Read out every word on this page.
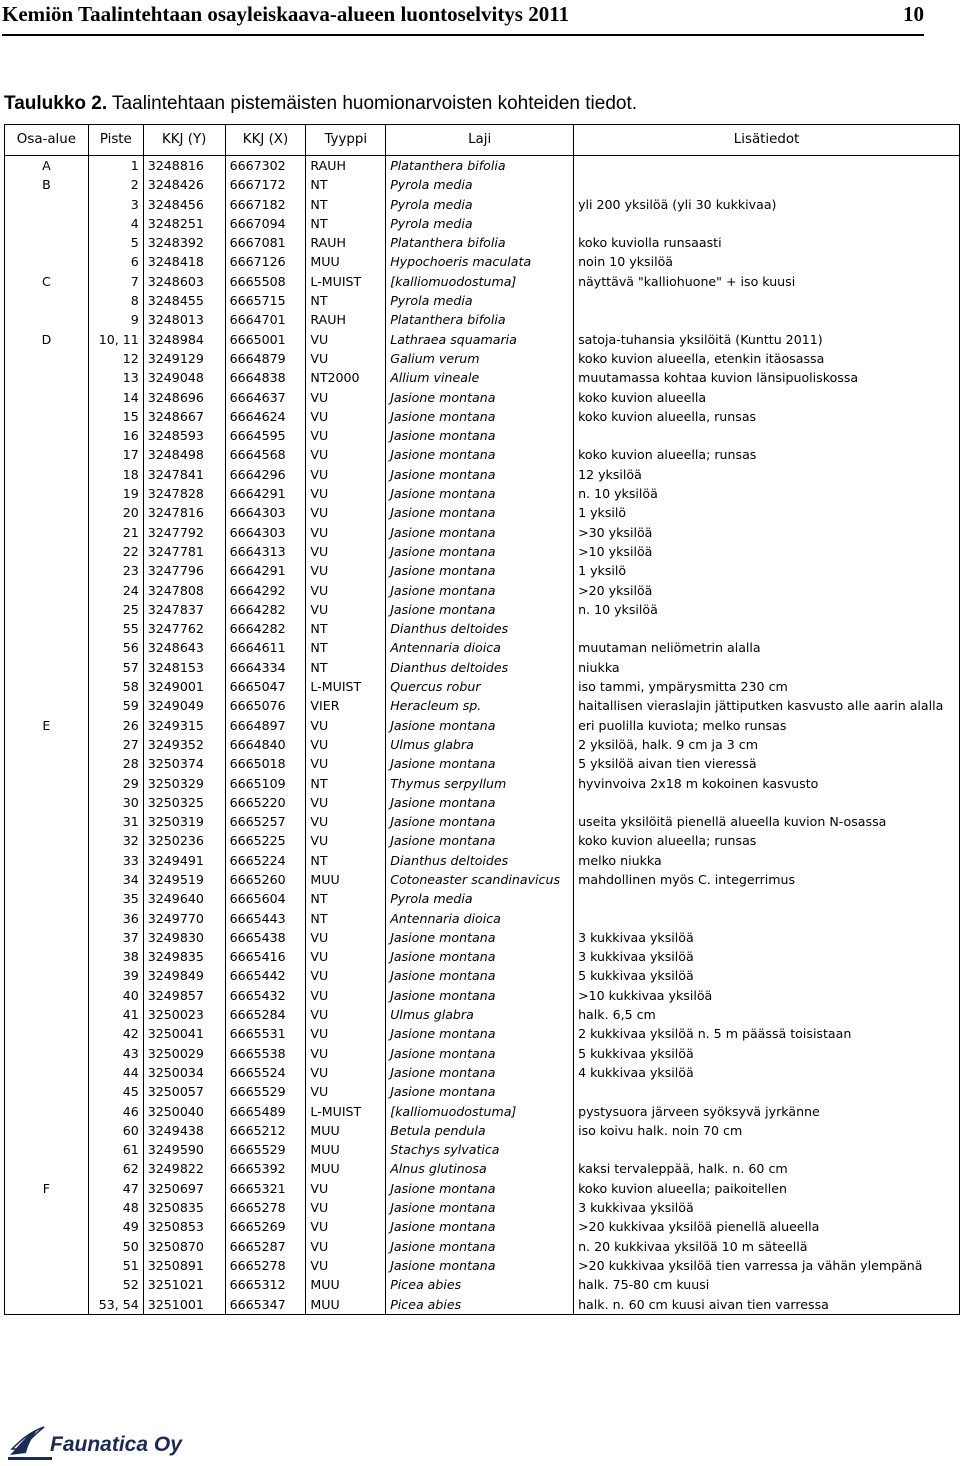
Kemiön Taalintehtaan osayleiskaava-alueen luontoselvitys 2011	10
Taulukko 2. Taalintehtaan pistemäisten huomionarvoisten kohteiden tiedot.
Osa-alue	Piste	KKJ (Y)	KKJ (X)	Tyyppi	Laji	Lisätiedot
A	1	3248816	6667302	RAUH	Platanthera bifolia	
B	2	3248426	6667172	NT	Pyrola media	
	3	3248456	6667182	NT	Pyrola media	yli 200 yksilöä (yli 30 kukkivaa)
	4	3248251	6667094	NT	Pyrola media	
	5	3248392	6667081	RAUH	Platanthera bifolia	koko kuviolla runsaasti
	6	3248418	6667126	MUU	Hypochoeris maculata	noin 10 yksilöä
C	7	3248603	6665508	L-MUIST	[kalliomuodostuma]	näyttävä "kalliohuone" + iso kuusi
	8	3248455	6665715	NT	Pyrola media	
	9	3248013	6664701	RAUH	Platanthera bifolia	
D	10, 11	3248984	6665001	VU	Lathraea squamaria	satoja-tuhansia yksilöitä (Kunttu 2011)
	12	3249129	6664879	VU	Galium verum	koko kuvion alueella, etenkin itäosassa
	13	3249048	6664838	NT2000	Allium vineale	muutamassa kohtaa kuvion länsipuoliskossa
	14	3248696	6664637	VU	Jasione montana	koko kuvion alueella
	15	3248667	6664624	VU	Jasione montana	koko kuvion alueella, runsas
	16	3248593	6664595	VU	Jasione montana	
	17	3248498	6664568	VU	Jasione montana	koko kuvion alueella; runsas
	18	3247841	6664296	VU	Jasione montana	12 yksilöä
	19	3247828	6664291	VU	Jasione montana	n. 10 yksilöä
	20	3247816	6664303	VU	Jasione montana	1 yksilö
	21	3247792	6664303	VU	Jasione montana	>30 yksilöä
	22	3247781	6664313	VU	Jasione montana	>10 yksilöä
	23	3247796	6664291	VU	Jasione montana	1 yksilö
	24	3247808	6664292	VU	Jasione montana	>20 yksilöä
	25	3247837	6664282	VU	Jasione montana	n. 10 yksilöä
	55	3247762	6664282	NT	Dianthus deltoides	
	56	3248643	6664611	NT	Antennaria dioica	muutaman neliömetrin alalla
	57	3248153	6664334	NT	Dianthus deltoides	niukka
	58	3249001	6665047	L-MUIST	Quercus robur	iso tammi, ympärysmitta 230 cm
	59	3249049	6665076	VIER	Heracleum sp.	haitallisen vieraslajin jättiputken kasvusto alle aarin alalla
E	26	3249315	6664897	VU	Jasione montana	eri puolilla kuviota; melko runsas
	27	3249352	6664840	VU	Ulmus glabra	2 yksilöä, halk. 9 cm ja 3 cm
	28	3250374	6665018	VU	Jasione montana	5 yksilöä aivan tien vieressä
	29	3250329	6665109	NT	Thymus serpyllum	hyvinvoiva 2x18 m kokoinen kasvusto
	30	3250325	6665220	VU	Jasione montana	
	31	3250319	6665257	VU	Jasione montana	useita yksilöitä pienellä alueella kuvion N-osassa
	32	3250236	6665225	VU	Jasione montana	koko kuvion alueella; runsas
	33	3249491	6665224	NT	Dianthus deltoides	melko niukka
	34	3249519	6665260	MUU	Cotoneaster scandinavicus	mahdollinen myös C. integerrimus
	35	3249640	6665604	NT	Pyrola media	
	36	3249770	6665443	NT	Antennaria dioica	
	37	3249830	6665438	VU	Jasione montana	3 kukkivaa yksilöä
	38	3249835	6665416	VU	Jasione montana	3 kukkivaa yksilöä
	39	3249849	6665442	VU	Jasione montana	5 kukkivaa yksilöä
	40	3249857	6665432	VU	Jasione montana	>10 kukkivaa yksilöä
	41	3250023	6665284	VU	Ulmus glabra	halk. 6,5 cm
	42	3250041	6665531	VU	Jasione montana	2 kukkivaa yksilöä n. 5 m päässä toisistaan
	43	3250029	6665538	VU	Jasione montana	5 kukkivaa yksilöä
	44	3250034	6665524	VU	Jasione montana	4 kukkivaa yksilöä
	45	3250057	6665529	VU	Jasione montana	
	46	3250040	6665489	L-MUIST	[kalliomuodostuma]	pystysuora järveen syöksyvä jyrkänne
	60	3249438	6665212	MUU	Betula pendula	iso koivu halk. noin 70 cm
	61	3249590	6665529	MUU	Stachys sylvatica	
	62	3249822	6665392	MUU	Alnus glutinosa	kaksi tervaleppää, halk. n. 60 cm
F	47	3250697	6665321	VU	Jasione montana	koko kuvion alueella; paikoitellen
	48	3250835	6665278	VU	Jasione montana	3 kukkivaa yksilöä
	49	3250853	6665269	VU	Jasione montana	>20 kukkivaa yksilöä pienellä alueella
	50	3250870	6665287	VU	Jasione montana	n. 20 kukkivaa yksilöä 10 m säteellä
	51	3250891	6665278	VU	Jasione montana	>20 kukkivaa yksilöä tien varressa ja vähän ylempänä
	52	3251021	6665312	MUU	Picea abies	halk. 75-80 cm kuusi
	53, 54	3251001	6665347	MUU	Picea abies	halk. n. 60 cm kuusi aivan tien varressa
Faunatica Oy
